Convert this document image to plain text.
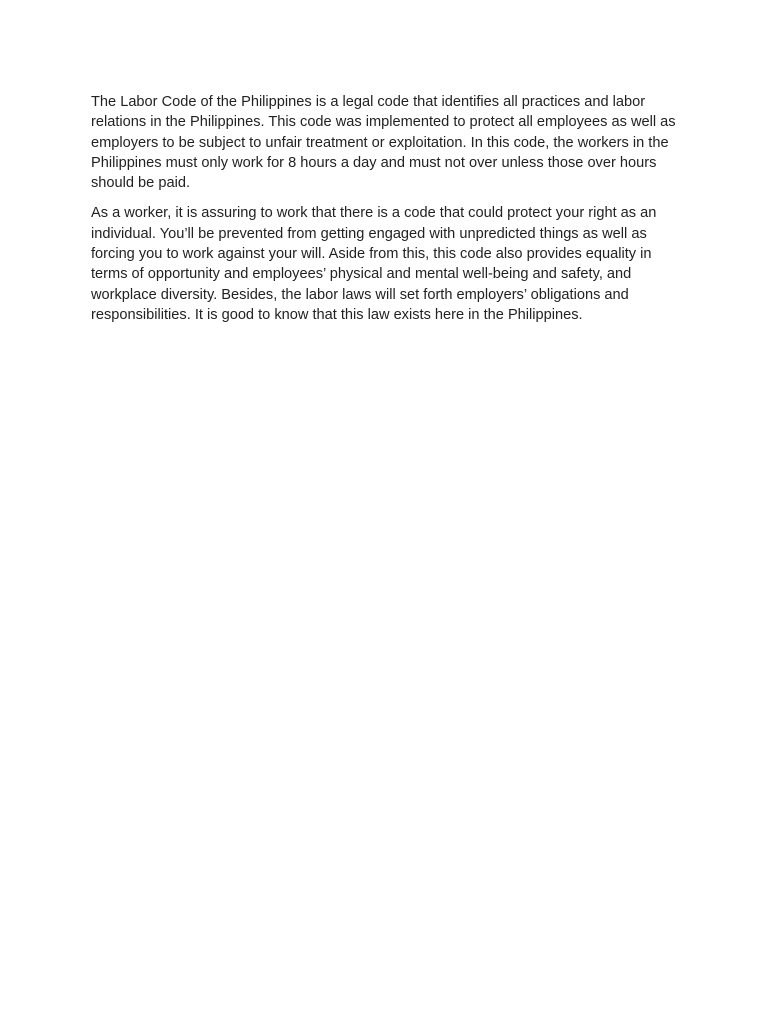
The Labor Code of the Philippines is a legal code that identifies all practices and labor relations in the Philippines. This code was implemented to protect all employees as well as employers to be subject to unfair treatment or exploitation. In this code, the workers in the Philippines must only work for 8 hours a day and must not over unless those over hours should be paid.

As a worker, it is assuring to work that there is a code that could protect your right as an individual. You’ll be prevented from getting engaged with unpredicted things as well as forcing you to work against your will. Aside from this, this code also provides equality in terms of opportunity and employees’ physical and mental well-being and safety, and workplace diversity. Besides, the labor laws will set forth employers’ obligations and responsibilities. It is good to know that this law exists here in the Philippines.
